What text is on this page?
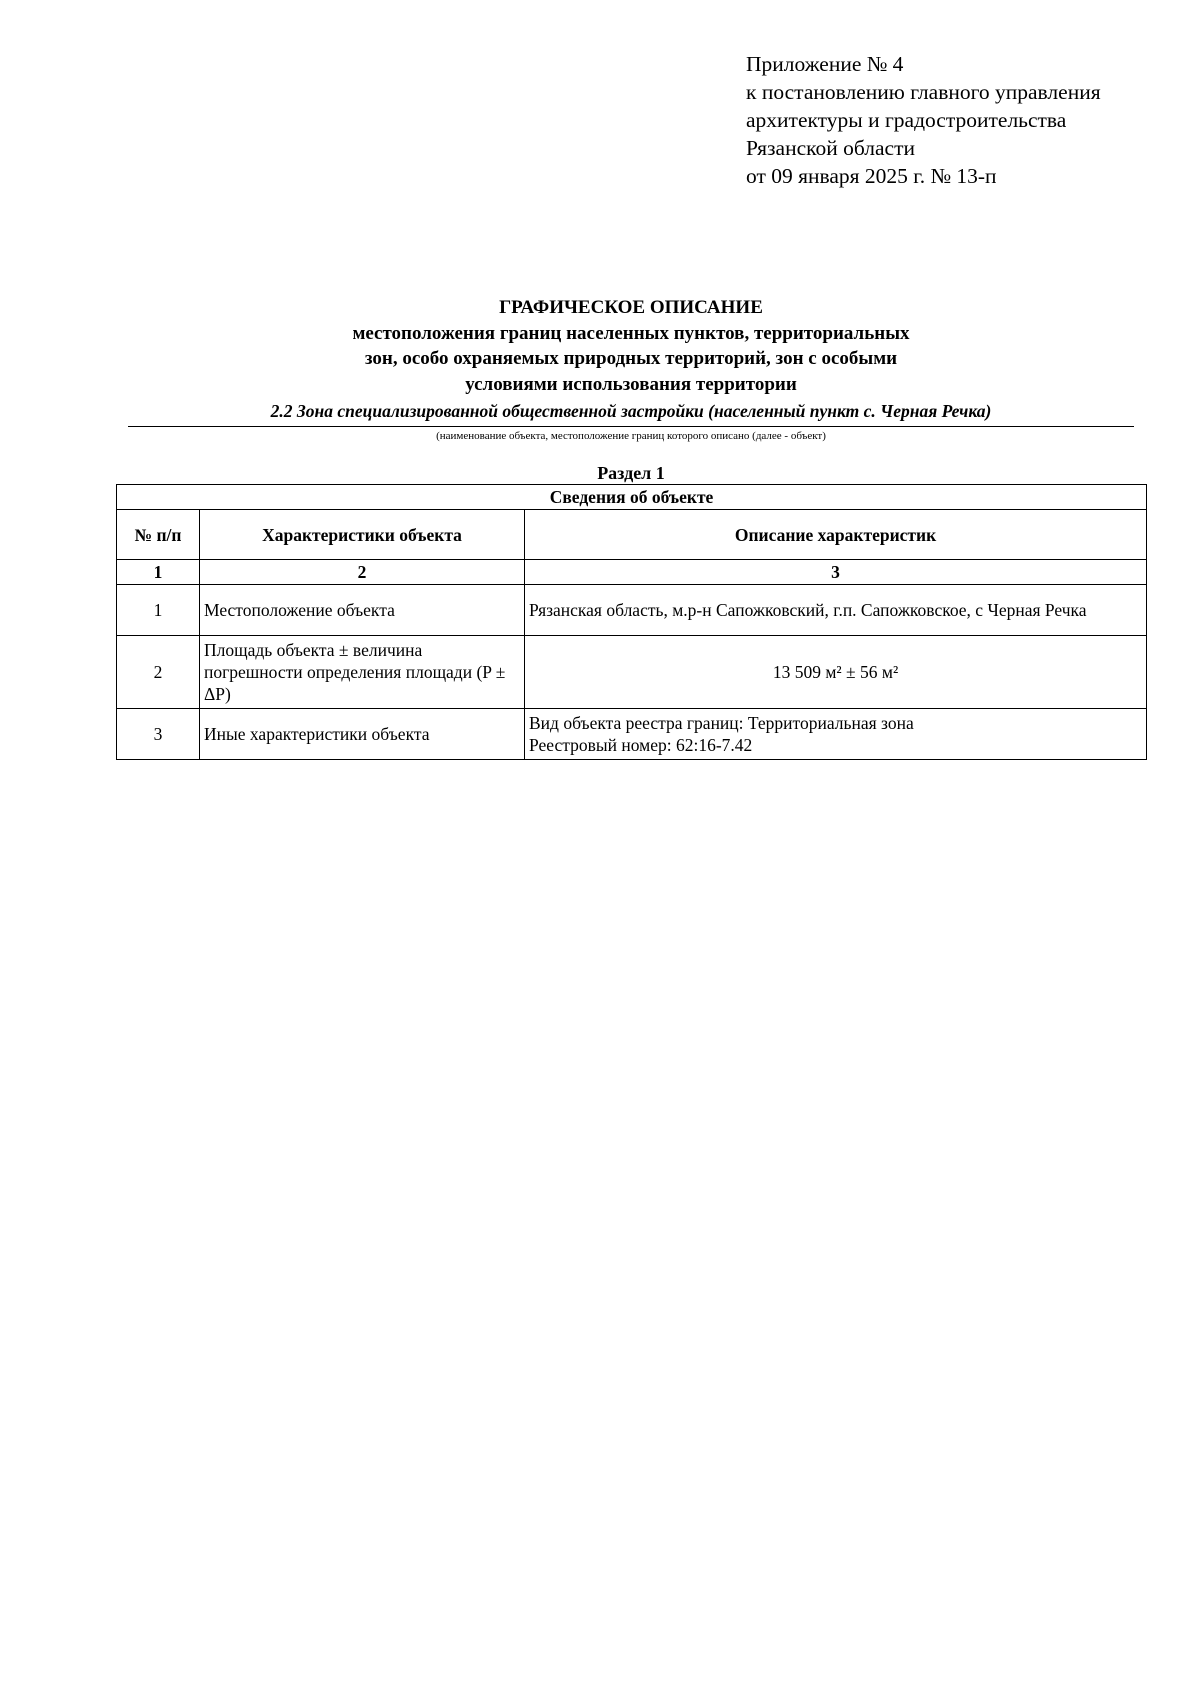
Приложение № 4
к постановлению главного управления
архитектуры и градостроительства
Рязанской области
от 09 января 2025 г. № 13-п
ГРАФИЧЕСКОЕ ОПИСАНИЕ
местоположения границ населенных пунктов, территориальных
зон, особо охраняемых природных территорий, зон с особыми
условиями использования территории
2.2 Зона специализированной общественной застройки (населенный пункт с. Черная Речка)
(наименование объекта, местоположение границ которого описано (далее - объект)
Раздел 1
Сведения об объекте		
№ п/п	Характеристики объекта	Описание характеристик
1	2	3
1	Местоположение объекта	Рязанская область, м.р-н Сапожковский, г.п. Сапожковское, с Черная Речка
2	Площадь объекта ± величина погрешности определения площади (P ± ΔP)	13 509 м² ± 56 м²
3	Иные характеристики объекта	Вид объекта реестра границ: Территориальная зона
Реестровый номер: 62:16-7.42
